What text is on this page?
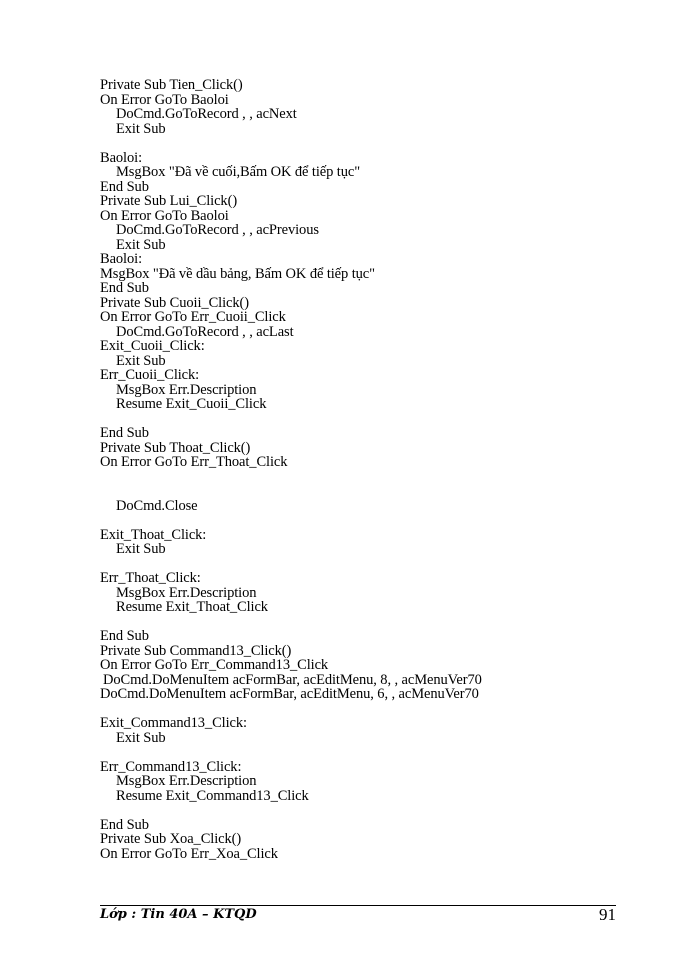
Private Sub Tien_Click()
On Error GoTo Baoloi
DoCmd.GoToRecord , , acNext
Exit Sub
Baoloi:
MsgBox "Đã về cuối,Bấm OK để tiếp tục"
End Sub
Private Sub Lui_Click()
On Error GoTo Baoloi
DoCmd.GoToRecord , , acPrevious
Exit Sub
Baoloi:
MsgBox "Đã về dầu bảng, Bấm OK để tiếp tục"
End Sub
Private Sub Cuoii_Click()
On Error GoTo Err_Cuoii_Click
DoCmd.GoToRecord , , acLast
Exit_Cuoii_Click:
Exit Sub
Err_Cuoii_Click:
MsgBox Err.Description
Resume Exit_Cuoii_Click
End Sub
Private Sub Thoat_Click()
On Error GoTo Err_Thoat_Click
DoCmd.Close
Exit_Thoat_Click:
Exit Sub
Err_Thoat_Click:
MsgBox Err.Description
Resume Exit_Thoat_Click
End Sub
Private Sub Command13_Click()
On Error GoTo Err_Command13_Click
DoCmd.DoMenuItem acFormBar, acEditMenu, 8, , acMenuVer70
DoCmd.DoMenuItem acFormBar, acEditMenu, 6, , acMenuVer70
Exit_Command13_Click:
Exit Sub
Err_Command13_Click:
MsgBox Err.Description
Resume Exit_Command13_Click
End Sub
Private Sub Xoa_Click()
On Error GoTo Err_Xoa_Click
Lớp : Tin 40A – KTQD	91
